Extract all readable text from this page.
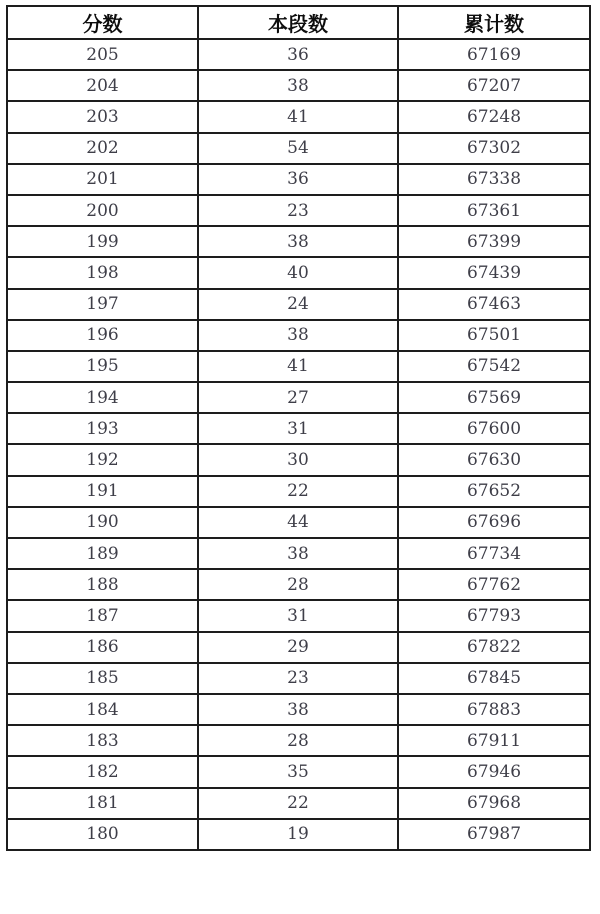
分数	本段数	累计数
205	36	67169
204	38	67207
203	41	67248
202	54	67302
201	36	67338
200	23	67361
199	38	67399
198	40	67439
197	24	67463
196	38	67501
195	41	67542
194	27	67569
193	31	67600
192	30	67630
191	22	67652
190	44	67696
189	38	67734
188	28	67762
187	31	67793
186	29	67822
185	23	67845
184	38	67883
183	28	67911
182	35	67946
181	22	67968
180	19	67987
